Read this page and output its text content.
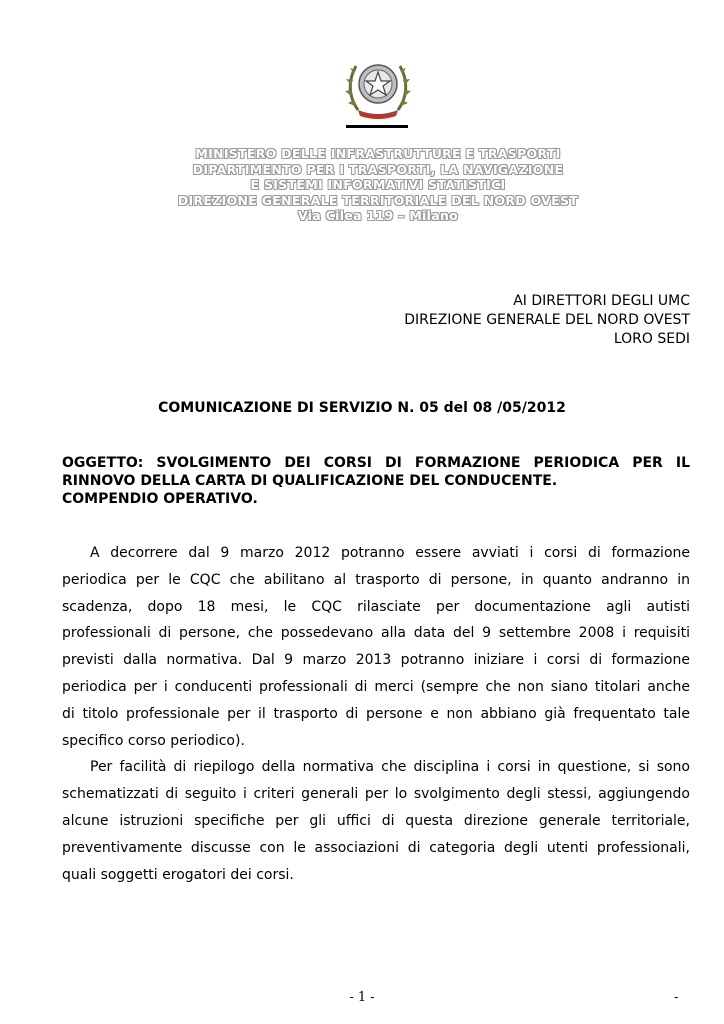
MINISTERO DELLE INFRASTRUTTURE E TRASPORTI
DIPARTIMENTO PER I TRASPORTI, LA NAVIGAZIONE
E SISTEMI INFORMATIVI STATISTICI
DIREZIONE GENERALE TERRITORIALE DEL NORD OVEST
Via Cilea 119 – Milano
AI DIRETTORI DEGLI UMC
DIREZIONE GENERALE DEL NORD OVEST
LORO SEDI
COMUNICAZIONE DI SERVIZIO N. 05 del 08 /05/2012
OGGETTO: SVOLGIMENTO DEI CORSI DI FORMAZIONE PERIODICA PER IL
RINNOVO DELLA CARTA DI QUALIFICAZIONE DEL CONDUCENTE.
COMPENDIO OPERATIVO.
A decorrere dal 9 marzo 2012 potranno essere avviati i corsi di formazione
periodica per le CQC che abilitano al trasporto di persone, in quanto andranno in
scadenza, dopo 18 mesi, le CQC rilasciate per documentazione agli autisti
professionali di persone, che possedevano alla data del 9 settembre 2008 i requisiti
previsti dalla normativa. Dal 9 marzo 2013 potranno iniziare i corsi di formazione
periodica per i conducenti professionali di merci (sempre che non siano titolari anche
di titolo professionale per il trasporto di persone e non abbiano già frequentato tale
specifico corso periodico).
Per facilità di riepilogo della normativa che disciplina i corsi in questione, si sono
schematizzati di seguito i criteri generali per lo svolgimento degli stessi, aggiungendo
alcune istruzioni specifiche per gli uffici di questa direzione generale territoriale,
preventivamente discusse con le associazioni di categoria degli utenti professionali,
quali soggetti erogatori dei corsi.
- 1 -	-
